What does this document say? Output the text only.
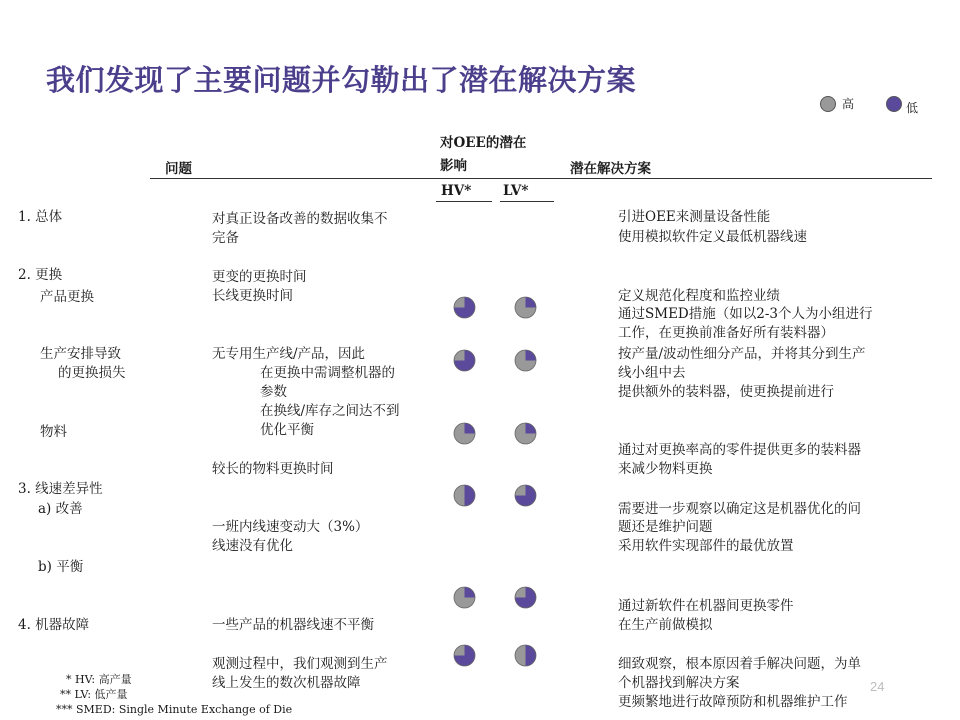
我们发现了主要问题并勾勒出了潜在解决方案
高	低
对OEE的潜在
影响
问题	潜在解决方案
HV* LV*
1. 总体
2. 更换
产品更换
生产安排导致
的更换损失
物料
3. 线速差异性
a) 改善
b) 平衡
4. 机器故障
对真正设备改善的数据收集不
完备
更变的更换时间
长线更换时间
无专用生产线/产品，因此
在更换中需调整机器的
参数
在换线/库存之间达不到
优化平衡
较长的物料更换时间
一班内线速变动大（3%）
线速没有优化
一些产品的机器线速不平衡
观测过程中，我们观测到生产
线上发生的数次机器故障
引进OEE来测量设备性能
使用模拟软件定义最低机器线速
定义规范化程度和监控业绩
通过SMED措施（如以2-3个人为小组进行
工作，在更换前准备好所有装料器）
按产量/波动性细分产品，并将其分到生产
线小组中去
提供额外的装料器，使更换提前进行
通过对更换率高的零件提供更多的装料器
来减少物料更换
需要进一步观察以确定这是机器优化的问
题还是维护问题
采用软件实现部件的最优放置
通过新软件在机器间更换零件
在生产前做模拟
细致观察，根本原因着手解决问题，为单
个机器找到解决方案
更频繁地进行故障预防和机器维护工作
* HV: 高产量
** LV: 低产量
*** SMED: Single Minute Exchange of Die
24
